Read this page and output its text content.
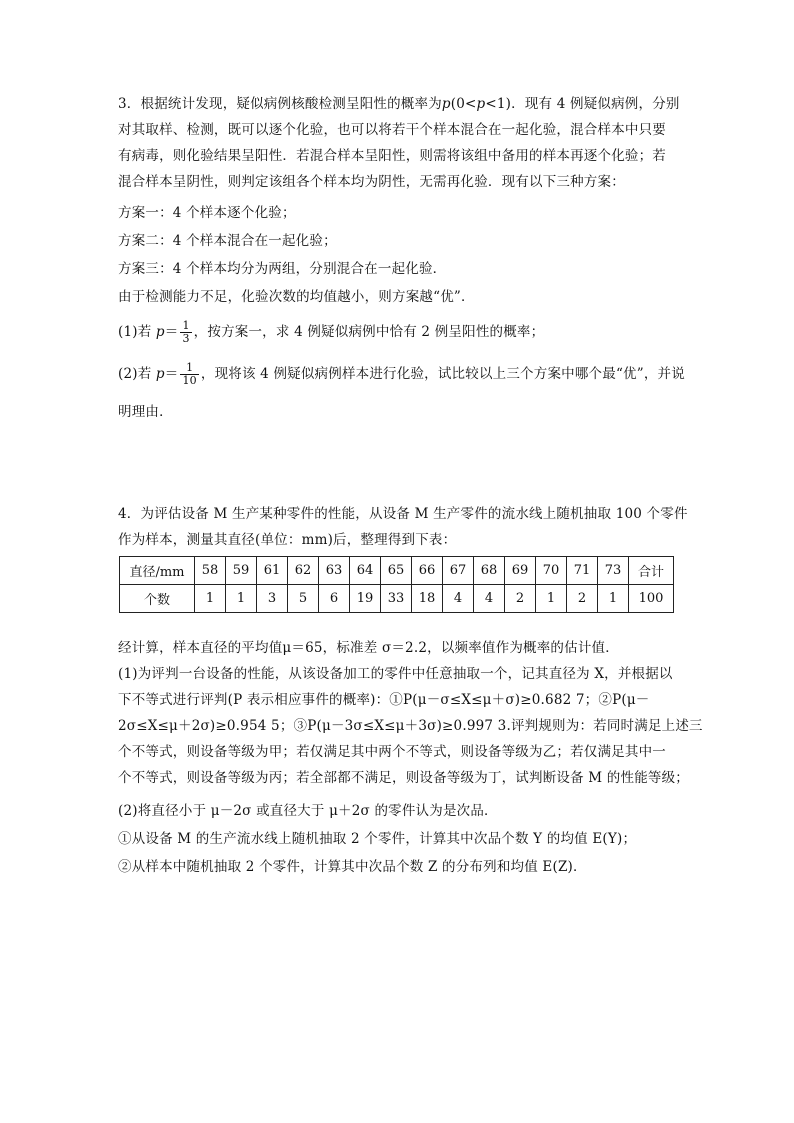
3．根据统计发现，疑似病例核酸检测呈阳性的概率为p(0<p<1)．现有 4 例疑似病例，分别
对其取样、检测，既可以逐个化验，也可以将若干个样本混合在一起化验，混合样本中只要
有病毒，则化验结果呈阳性．若混合样本呈阳性，则需将该组中备用的样本再逐个化验；若
混合样本呈阴性，则判定该组各个样本均为阴性，无需再化验．现有以下三种方案：
方案一：4 个样本逐个化验；
方案二：4 个样本混合在一起化验；
方案三：4 个样本均分为两组，分别混合在一起化验．
由于检测能力不足，化验次数的均值越小，则方案越“优”．
(1)若 $p= \frac{1}{3}$ ，按方案一，求 4 例疑似病例中恰有 2 例呈阳性的概率；
(2)若 $p= \frac{1}{10}$ ，现将该 4 例疑似病例样本进行化验，试比较以上三个方案中哪个最“优”，并说
明理由．
4．为评估设备 M 生产某种零件的性能，从设备 M 生产零件的流水线上随机抽取 100 个零件
作为样本，测量其直径(单位：mm)后，整理得到下表：
直径/mm	58	59	61	62	63	64	65	66	67	68	69	70	71	73	合计
个数	1	1	3	5	6	19	33	18	4	4	2	1	2	1	100
经计算，样本直径的平均值μ＝65，标准差 σ＝2.2，以频率值作为概率的估计值．
(1)为评判一台设备的性能，从该设备加工的零件中任意抽取一个，记其直径为 X，并根据以
下不等式进行评判(P 表示相应事件的概率)：①P(μ－σ≤X≤μ＋σ)≥0.682 7；②P(μ－
2σ≤X≤μ＋2σ)≥0.954 5；③P(μ－3σ≤X≤μ＋3σ)≥0.997 3.评判规则为：若同时满足上述三
个不等式，则设备等级为甲；若仅满足其中两个不等式，则设备等级为乙；若仅满足其中一
个不等式，则设备等级为丙；若全部都不满足，则设备等级为丁，试判断设备 M 的性能等级；
(2)将直径小于 μ－2σ 或直径大于 μ＋2σ 的零件认为是次品．
①从设备 M 的生产流水线上随机抽取 2 个零件，计算其中次品个数 Y 的均值 E(Y)；
②从样本中随机抽取 2 个零件，计算其中次品个数 Z 的分布列和均值 E(Z)．
